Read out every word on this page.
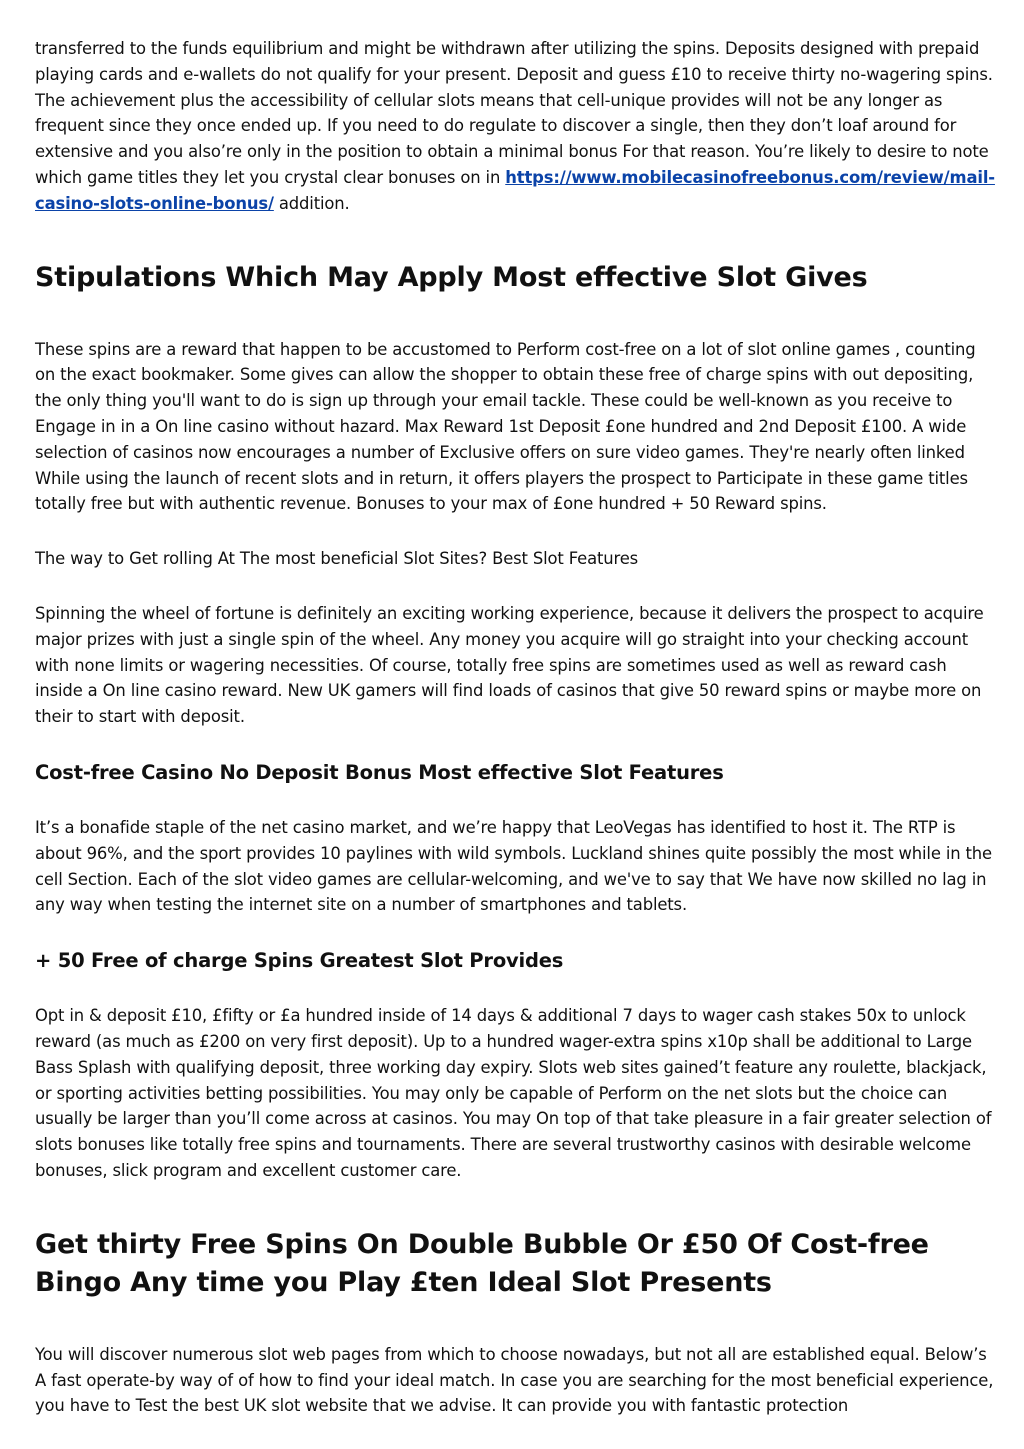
transferred to the funds equilibrium and might be withdrawn after utilizing the spins. Deposits designed with prepaid playing cards and e-wallets do not qualify for your present. Deposit and guess £10 to receive thirty no-wagering spins. The achievement plus the accessibility of cellular slots means that cell-unique provides will not be any longer as frequent since they once ended up. If you need to do regulate to discover a single, then they don’t loaf around for extensive and you also’re only in the position to obtain a minimal bonus For that reason. You’re likely to desire to note which game titles they let you crystal clear bonuses on in https://www.mobilecasinofreebonus.com/review/mail-casino-slots-online-bonus/ addition.

Stipulations Which May Apply Most effective Slot Gives

These spins are a reward that happen to be accustomed to Perform cost-free on a lot of slot online games , counting on the exact bookmaker. Some gives can allow the shopper to obtain these free of charge spins with out depositing, the only thing you'll want to do is sign up through your email tackle. These could be well-known as you receive to Engage in in a On line casino without hazard. Max Reward 1st Deposit £one hundred and 2nd Deposit £100. A wide selection of casinos now encourages a number of Exclusive offers on sure video games. They're nearly often linked While using the launch of recent slots and in return, it offers players the prospect to Participate in these game titles totally free but with authentic revenue. Bonuses to your max of £one hundred + 50 Reward spins.

The way to Get rolling At The most beneficial Slot Sites? Best Slot Features

Spinning the wheel of fortune is definitely an exciting working experience, because it delivers the prospect to acquire major prizes with just a single spin of the wheel. Any money you acquire will go straight into your checking account with none limits or wagering necessities. Of course, totally free spins are sometimes used as well as reward cash inside a On line casino reward. New UK gamers will find loads of casinos that give 50 reward spins or maybe more on their to start with deposit.

Cost-free Casino No Deposit Bonus Most effective Slot Features

It’s a bonafide staple of the net casino market, and we’re happy that LeoVegas has identified to host it. The RTP is about 96%, and the sport provides 10 paylines with wild symbols. Luckland shines quite possibly the most while in the cell Section. Each of the slot video games are cellular-welcoming, and we've to say that We have now skilled no lag in any way when testing the internet site on a number of smartphones and tablets.

+ 50 Free of charge Spins Greatest Slot Provides

Opt in & deposit £10, £fifty or £a hundred inside of 14 days & additional 7 days to wager cash stakes 50x to unlock reward (as much as £200 on very first deposit). Up to a hundred wager-extra spins x10p shall be additional to Large Bass Splash with qualifying deposit, three working day expiry. Slots web sites gained’t feature any roulette, blackjack, or sporting activities betting possibilities. You may only be capable of Perform on the net slots but the choice can usually be larger than you’ll come across at casinos. You may On top of that take pleasure in a fair greater selection of slots bonuses like totally free spins and tournaments. There are several trustworthy casinos with desirable welcome bonuses, slick program and excellent customer care.

Get thirty Free Spins On Double Bubble Or £50 Of Cost-free Bingo Any time you Play £ten Ideal Slot Presents

You will discover numerous slot web pages from which to choose nowadays, but not all are established equal. Below’s A fast operate-by way of of how to find your ideal match. In case you are searching for the most beneficial experience, you have to Test the best UK slot website that we advise. It can provide you with fantastic protection
